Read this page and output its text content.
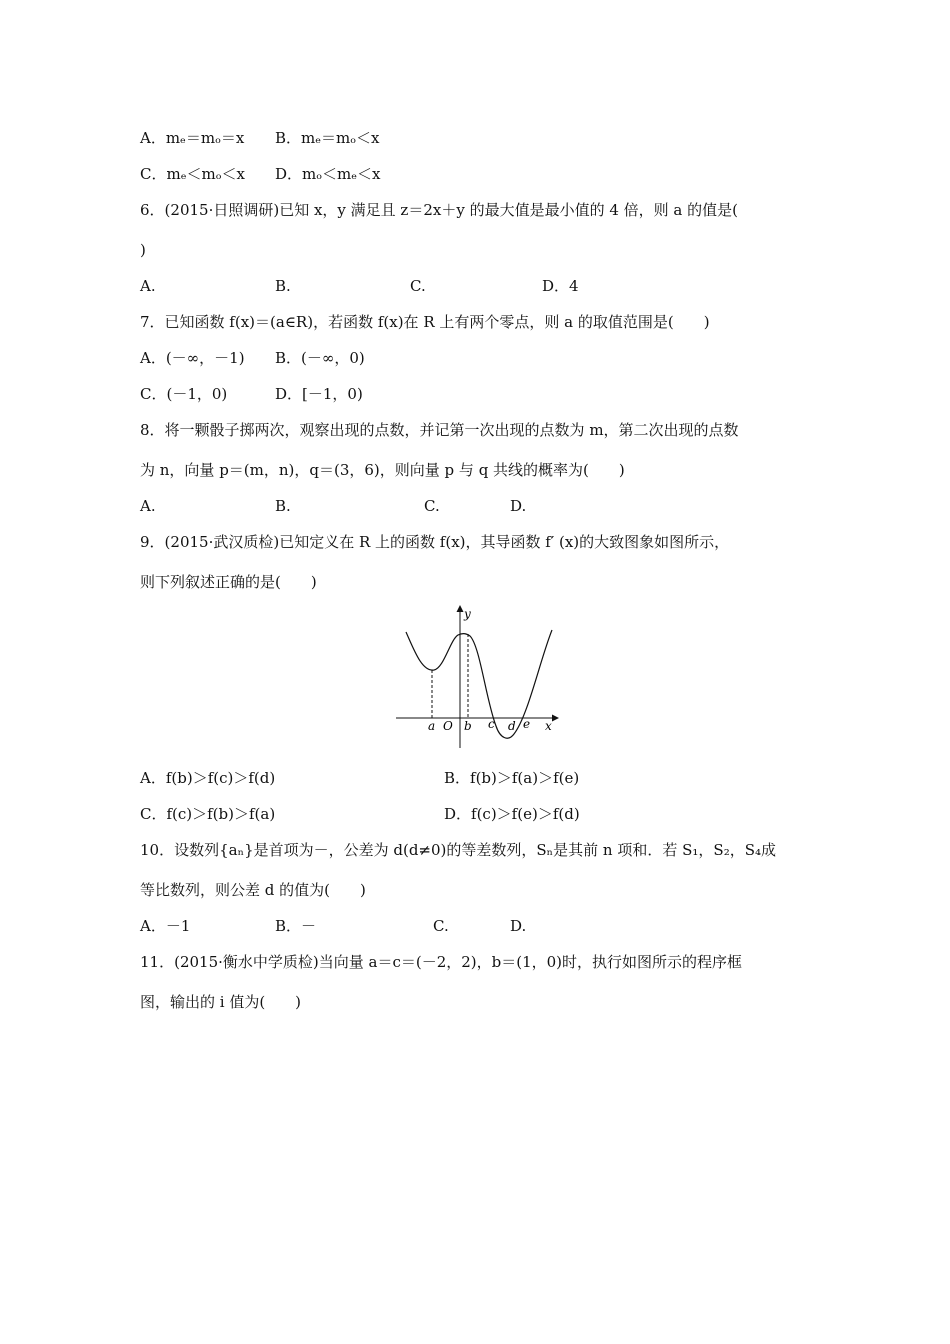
A．mₑ＝mₒ＝x B．mₑ＝mₒ＜x
C．mₑ＜mₒ＜x D．mₒ＜mₑ＜x
6．(2015·日照调研)已知 x，y 满足且 z＝2x＋y 的最大值是最小值的 4 倍，则 a 的值是(
)
A.	B.	C.	D．4
7．已知函数 f(x)＝(a∈R)，若函数 f(x)在 R 上有两个零点，则 a 的取值范围是(　　)
A．(－∞，－1) B．(－∞，0)
C．(－1，0)	D．[－1，0)
8．将一颗骰子掷两次，观察出现的点数，并记第一次出现的点数为 m，第二次出现的点数
为 n，向量 p＝(m，n)，q＝(3，6)，则向量 p 与 q 共线的概率为(　　)
A.	B.	C.	D.
9．(2015·武汉质检)已知定义在 R 上的函数 f(x)，其导函数 f′ (x)的大致图象如图所示，
则下列叙述正确的是(　　)
y
x
a O b c d e
A．f(b)＞f(c)＞f(d)	B．f(b)＞f(a)＞f(e)
C．f(c)＞f(b)＞f(a)	D．f(c)＞f(e)＞f(d)
10．设数列{aₙ}是首项为－，公差为 d(d≠0)的等差数列，Sₙ是其前 n 项和．若 S₁，S₂，S₄成
等比数列，则公差 d 的值为(　　)
A．－1	B．－	C.	D.
11．(2015·衡水中学质检)当向量 a＝c＝(－2，2)，b＝(1，0)时，执行如图所示的程序框
图，输出的 i 值为(　　)
